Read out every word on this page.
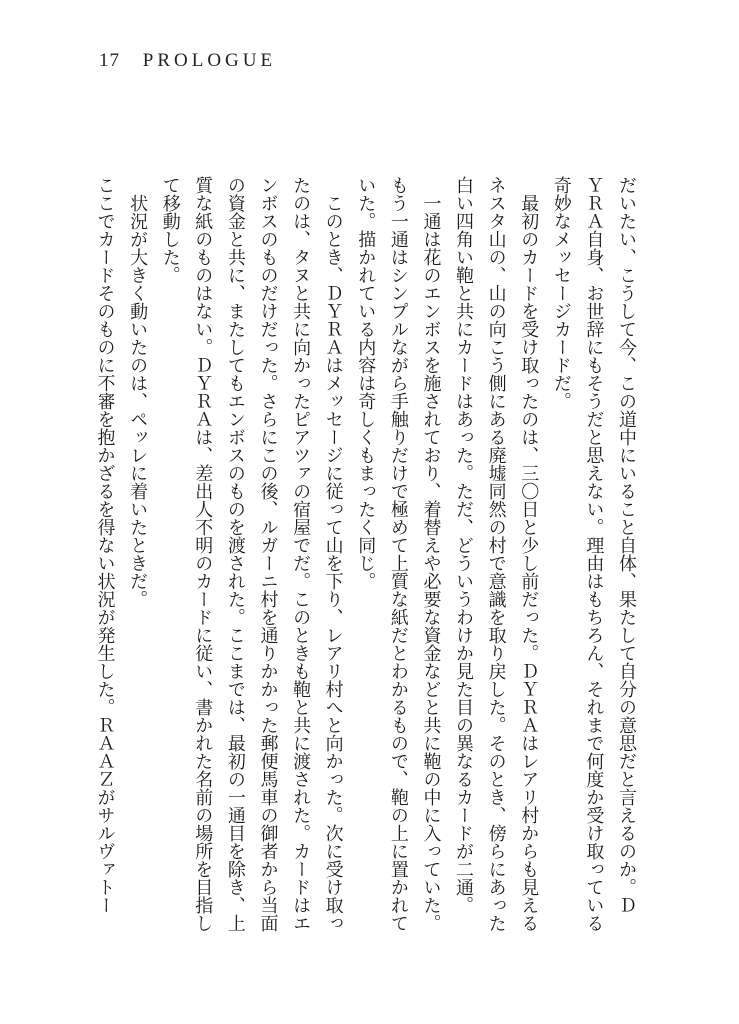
17 PROLOGUE
だいたい、こうして今、この道中にいること自体、果たして自分の意思だと言えるのか。Ｄ
ＹＲＡ自身、お世辞にもそうだと思えない。理由はもちろん、それまで何度か受け取っている
奇妙なメッセージカードだ。
　最初のカードを受け取ったのは、三〇日と少し前だった。ＤＹＲＡはレアリ村からも見える
ネスタ山の、山の向こう側にある廃墟同然の村で意識を取り戻した。そのとき、傍らにあった
白い四角い鞄と共にカードはあった。ただ、どういうわけか見た目の異なるカードが二通。
　一通は花のエンボスを施されており、着替えや必要な資金などと共に鞄の中に入っていた。
もう一通はシンプルながら手触りだけで極めて上質な紙だとわかるもので、鞄の上に置かれて
いた。描かれている内容は奇しくもまったく同じ。
　このとき、ＤＹＲＡはメッセージに従って山を下り、レアリ村へと向かった。次に受け取っ
たのは、タヌと共に向かったピアツァの宿屋でだ。このときも鞄と共に渡された。カードはエ
ンボスのものだけだった。さらにこの後、ルガーニ村を通りかかった郵便馬車の御者から当面
の資金と共に、またしてもエンボスのものを渡された。ここまでは、最初の一通目を除き、上
質な紙のものはない。ＤＹＲＡは、差出人不明のカードに従い、書かれた名前の場所を目指し
て移動した。
　状況が大きく動いたのは、ペッレに着いたときだ。
ここでカードそのものに不審を抱かざるを得ない状況が発生した。ＲＡＡＺがサルヴァトー
